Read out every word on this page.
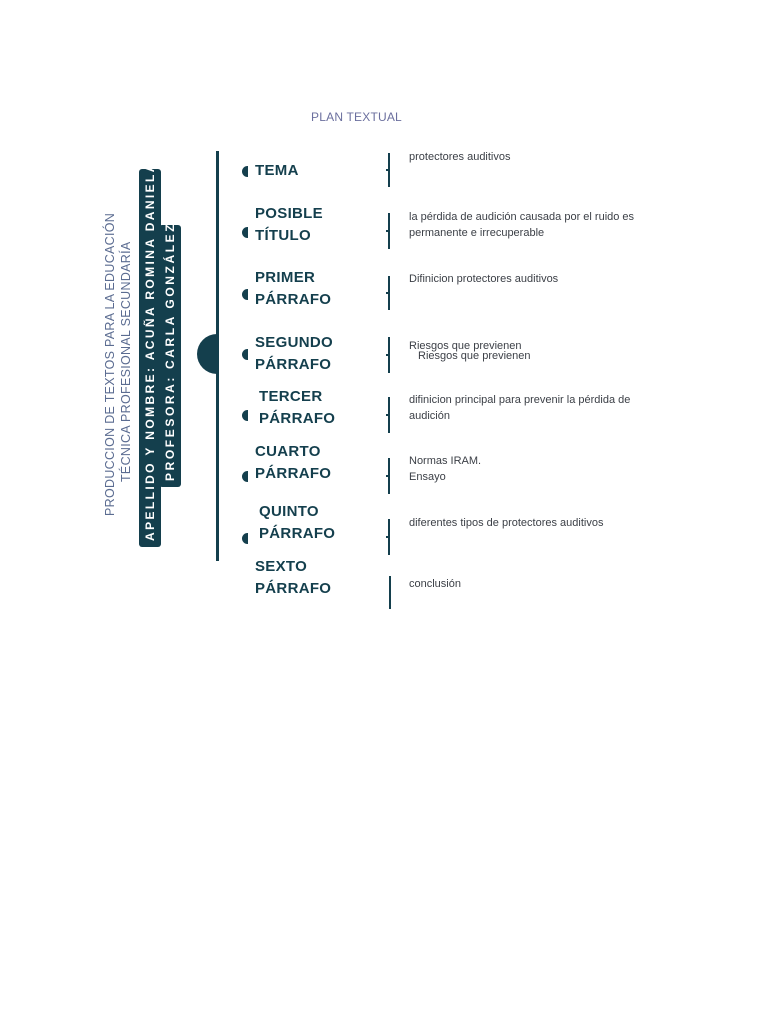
PLAN TEXTUAL
PRODUCCION DE TEXTOS PARA LA EDUCACIÓN TÉCNICA PROFESIONAL SECUNDARÍA APELLIDO Y NOMBRE: ACUÑA ROMINA DANIELA PROFESORA: CARLA GONZÁLEZ
TEMA
protectores auditivos
POSIBLE
TÍTULO
la pérdida de audición causada por el ruido es
permanente e irrecuperable
PRIMER
PÁRRAFO
Difinicion protectores auditivos
SEGUNDO
PÁRRAFO
Riesgos que previenen
Riesgos que previenen
TERCER
PÁRRAFO
difinicion principal para prevenir la pérdida de
audición
CUARTO
PÁRRAFO
Normas IRAM.
Ensayo
QUINTO
PÁRRAFO
diferentes tipos de protectores auditivos
SEXTO
PÁRRAFO	conclusión
